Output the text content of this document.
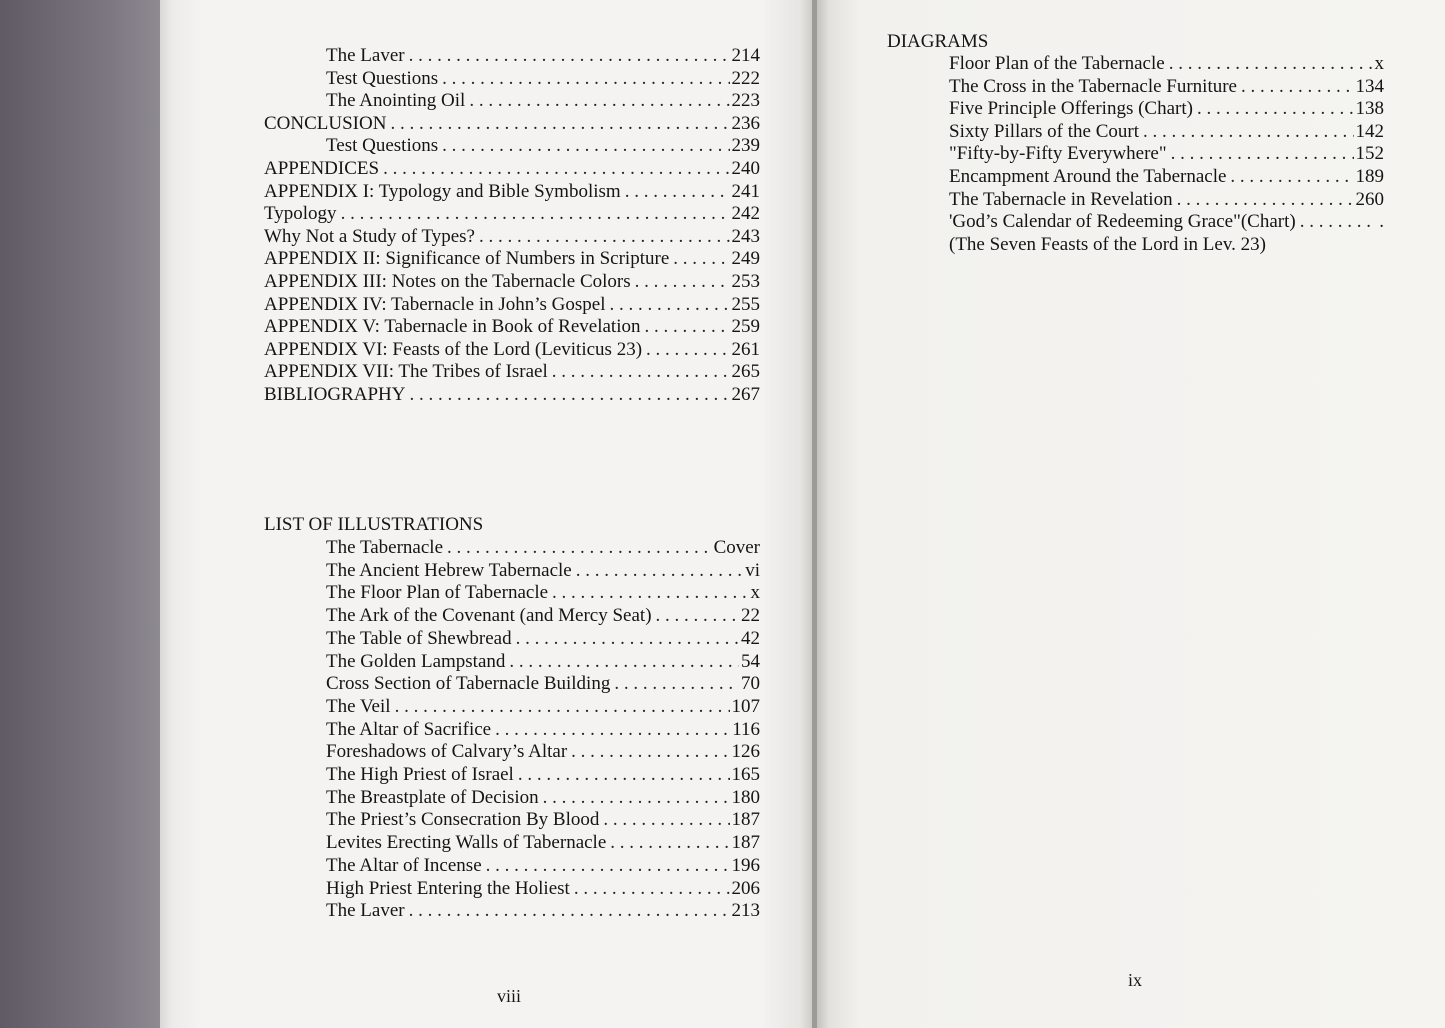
The Laver . . .	214
Test Questions . . .	222
The Anointing Oil . . .	223
CONCLUSION . . .	236
Test Questions . . .	239
APPENDICES . . .	240
APPENDIX I: Typology and Bible Symbolism . . .	241
Typology . . .	242
Why Not a Study of Types? . . .	243
APPENDIX II: Significance of Numbers in Scripture . . .	249
APPENDIX III: Notes on the Tabernacle Colors . . .	253
APPENDIX IV: Tabernacle in John’s Gospel . . .	255
APPENDIX V: Tabernacle in Book of Revelation . . .	259
APPENDIX VI: Feasts of the Lord (Leviticus 23) . . .	261
APPENDIX VII: The Tribes of Israel . . .	265
BIBLIOGRAPHY . . .	267
LIST OF ILLUSTRATIONS
The Tabernacle . . .	Cover
The Ancient Hebrew Tabernacle . . .	vi
The Floor Plan of Tabernacle . . .	x
The Ark of the Covenant (and Mercy Seat) . . .	22
The Table of Shewbread . . .	42
The Golden Lampstand . . .	54
Cross Section of Tabernacle Building . . .	70
The Veil . . .	107
The Altar of Sacrifice . . .	116
Foreshadows of Calvary’s Altar . . .	126
The High Priest of Israel . . .	165
The Breastplate of Decision . . .	180
The Priest’s Consecration By Blood . . .	187
Levites Erecting Walls of Tabernacle . . .	187
The Altar of Incense . . .	196
High Priest Entering the Holiest . . .	206
The Laver . . .	213
viii
DIAGRAMS
Floor Plan of the Tabernacle . . .	x
The Cross in the Tabernacle Furniture . . .	134
Five Principle Offerings (Chart) . . .	138
Sixty Pillars of the Court . . .	142
"Fifty-by-Fifty Everywhere" . . .	152
Encampment Around the Tabernacle . . .	189
The Tabernacle in Revelation . . .	260
'God’s Calendar of Redeeming Grace"(Chart) . . .	.
(The Seven Feasts of the Lord in Lev. 23)
ix
